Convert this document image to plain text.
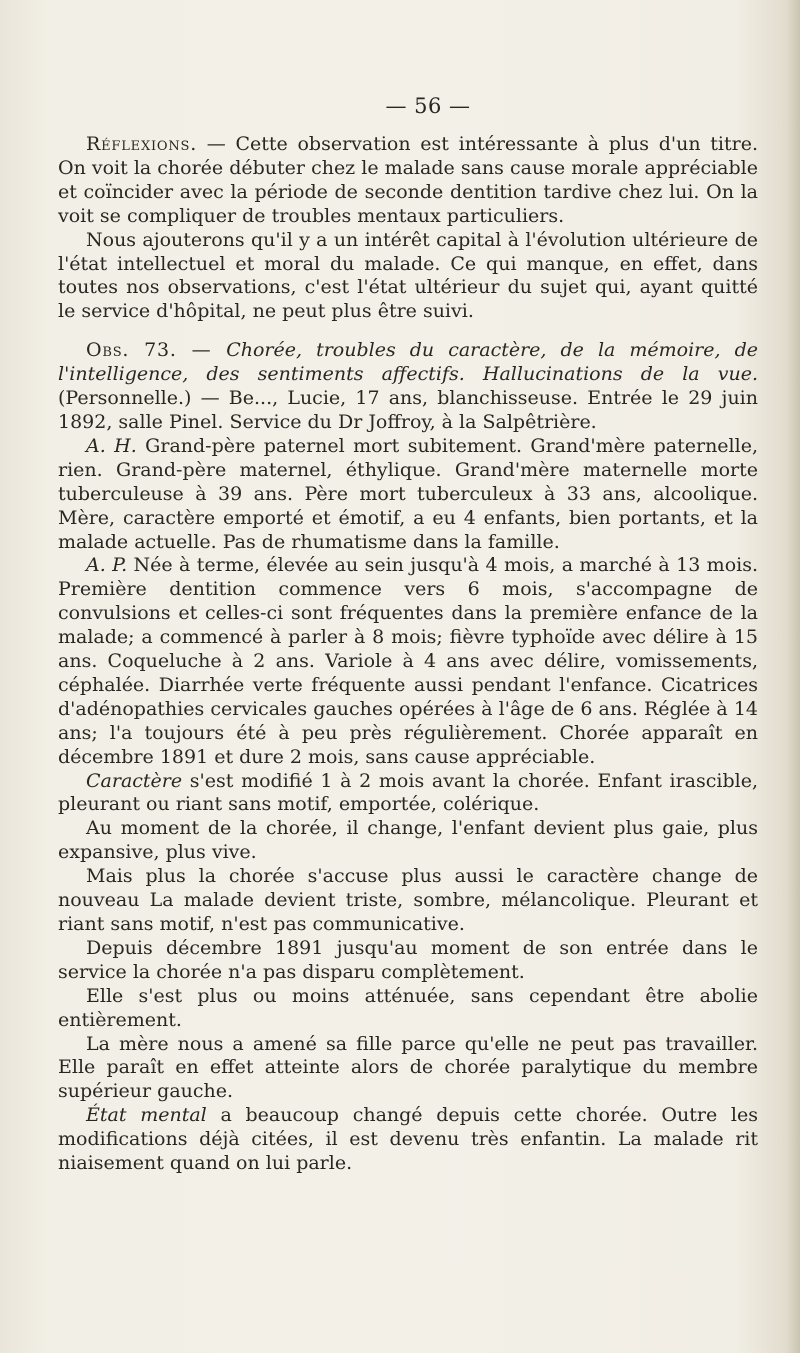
— 56 —

Réflexions. — Cette observation est intéressante à plus d'un titre. On voit la chorée débuter chez le malade sans cause morale appréciable et coïncider avec la période de seconde dentition tardive chez lui. On la voit se compliquer de troubles mentaux particuliers.

Nous ajouterons qu'il y a un intérêt capital à l'évolution ultérieure de l'état intellectuel et moral du malade. Ce qui manque, en effet, dans toutes nos observations, c'est l'état ultérieur du sujet qui, ayant quitté le service d'hôpital, ne peut plus être suivi.

Obs. 73. — Chorée, troubles du caractère, de la mémoire, de l'intelligence, des sentiments affectifs. Hallucinations de la vue. (Personnelle.) — Be..., Lucie, 17 ans, blanchisseuse. Entrée le 29 juin 1892, salle Pinel. Service du Dr Joffroy, à la Salpêtrière.

A. H. Grand-père paternel mort subitement. Grand'mère paternelle, rien. Grand-père maternel, éthylique. Grand'mère maternelle morte tuberculeuse à 39 ans. Père mort tuberculeux à 33 ans, alcoolique. Mère, caractère emporté et émotif, a eu 4 enfants, bien portants, et la malade actuelle. Pas de rhumatisme dans la famille.

A. P. Née à terme, élevée au sein jusqu'à 4 mois, a marché à 13 mois. Première dentition commence vers 6 mois, s'accompagne de convulsions et celles-ci sont fréquentes dans la première enfance de la malade; a commencé à parler à 8 mois; fièvre typhoïde avec délire à 15 ans. Coqueluche à 2 ans. Variole à 4 ans avec délire, vomissements, céphalée. Diarrhée verte fréquente aussi pendant l'enfance. Cicatrices d'adénopathies cervicales gauches opérées à l'âge de 6 ans. Réglée à 14 ans; l'a toujours été à peu près régulièrement. Chorée apparaît en décembre 1891 et dure 2 mois, sans cause appréciable.

Caractère s'est modifié 1 à 2 mois avant la chorée. Enfant irascible, pleurant ou riant sans motif, emportée, colérique.

Au moment de la chorée, il change, l'enfant devient plus gaie, plus expansive, plus vive.

Mais plus la chorée s'accuse plus aussi le caractère change de nouveau La malade devient triste, sombre, mélancolique. Pleurant et riant sans motif, n'est pas communicative.

Depuis décembre 1891 jusqu'au moment de son entrée dans le service la chorée n'a pas disparu complètement.

Elle s'est plus ou moins atténuée, sans cependant être abolie entièrement.

La mère nous a amené sa fille parce qu'elle ne peut pas travailler. Elle paraît en effet atteinte alors de chorée paralytique du membre supérieur gauche.

État mental a beaucoup changé depuis cette chorée. Outre les modifications déjà citées, il est devenu très enfantin. La malade rit niaisement quand on lui parle.
